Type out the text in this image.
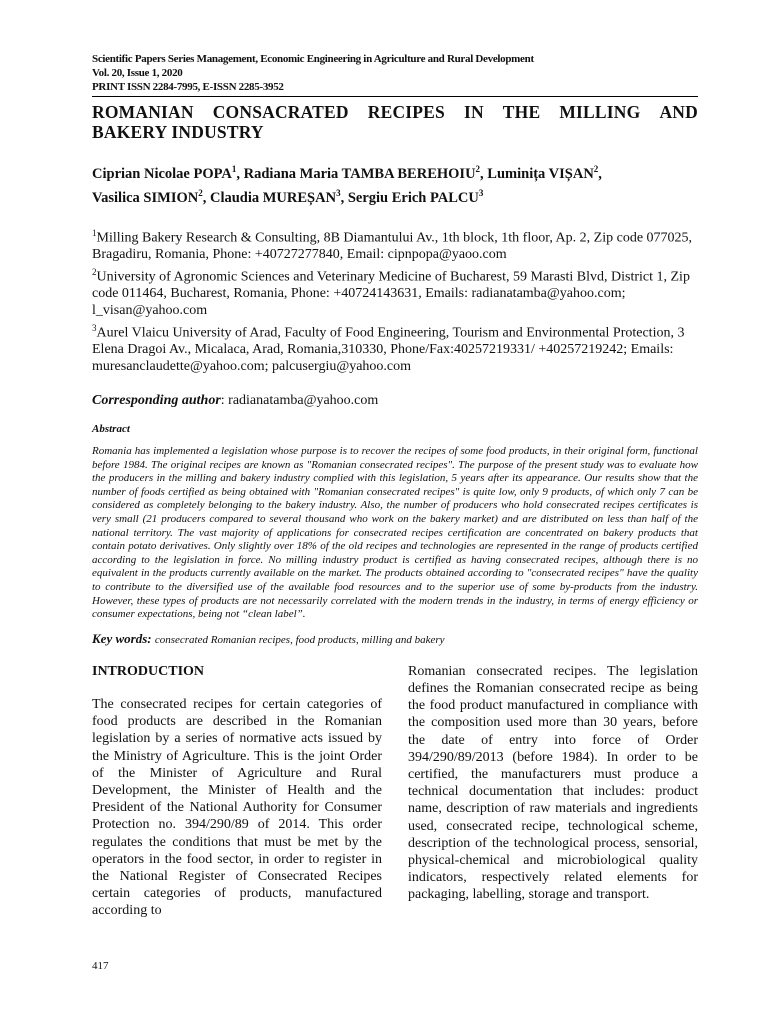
Scientific Papers Series Management, Economic Engineering in Agriculture and Rural Development
Vol. 20, Issue 1, 2020
PRINT ISSN 2284-7995, E-ISSN 2285-3952
ROMANIAN CONSACRATED RECIPES IN THE MILLING AND
BAKERY INDUSTRY
Ciprian Nicolae POPA$^1$, Radiana Maria TAMBA BEREHOIU$^2$, Luminița VIȘAN$^2$,
Vasilica SIMION$^2$, Claudia MUREȘAN$^3$, Sergiu Erich PALCU$^3$

$^1$Milling Bakery Research & Consulting, 8B Diamantului Av., 1th block, 1th floor, Ap. 2, Zip code 077025, Bragadiru, Romania, Phone: +40727277840, Email: cipnpopa@yaoo.com

$^2$University of Agronomic Sciences and Veterinary Medicine of Bucharest, 59 Marasti Blvd, District 1, Zip code 011464, Bucharest, Romania, Phone: +40724143631, Emails: radianatamba@yahoo.com; l_visan@yahoo.com

$^3$Aurel Vlaicu University of Arad, Faculty of Food Engineering, Tourism and Environmental Protection, 3 Elena Dragoi Av., Micalaca, Arad, Romania,310330, Phone/Fax:40257219331/ +40257219242; Emails: muresanclaudette@yahoo.com; palcusergiu@yahoo.com

Corresponding author: radianatamba@yahoo.com
Abstract
Romania has implemented a legislation whose purpose is to recover the recipes of some food products, in their original form, functional before 1984. The original recipes are known as "Romanian consecrated recipes". The purpose of the present study was to evaluate how the producers in the milling and bakery industry complied with this legislation, 5 years after its appearance. Our results show that the number of foods certified as being obtained with "Romanian consecrated recipes" is quite low, only 9 products, of which only 7 can be considered as completely belonging to the bakery industry. Also, the number of producers who hold consecrated recipes certificates is very small (21 producers compared to several thousand who work on the bakery market) and are distributed on less than half of the national territory. The vast majority of applications for consecrated recipes certification are concentrated on bakery products that contain potato derivatives. Only slightly over 18% of the old recipes and technologies are represented in the range of products certified according to the legislation in force. No milling industry product is certified as having consecrated recipes, although there is no equivalent in the products currently available on the market. The products obtained according to "consecrated recipes" have the quality to contribute to the diversified use of the available food resources and to the superior use of some by-products from the industry. However, these types of products are not necessarily correlated with the modern trends in the industry, in terms of energy efficiency or consumer expectations, being not “clean label”.
Key words: consecrated Romanian recipes, food products, milling and bakery
INTRODUCTION

The consecrated recipes for certain categories of food products are described in the Romanian legislation by a series of normative acts issued by the Ministry of Agriculture. This is the joint Order of the Minister of Agriculture and Rural Development, the Minister of Health and the President of the National Authority for Consumer Protection no. 394/290/89 of 2014. This order regulates the conditions that must be met by the operators in the food sector, in order to register in the National Register of Consecrated Recipes certain categories of products, manufactured according to

Romanian consecrated recipes. The legislation defines the Romanian consecrated recipe as being the food product manufactured in compliance with the composition used more than 30 years, before the date of entry into force of Order 394/290/89/2013 (before 1984). In order to be certified, the manufacturers must produce a technical documentation that includes: product name, description of raw materials and ingredients used, consecrated recipe, technological scheme, description of the technological process, sensorial, physical-chemical and microbiological quality indicators, respectively related elements for packaging, labelling, storage and transport.

417
